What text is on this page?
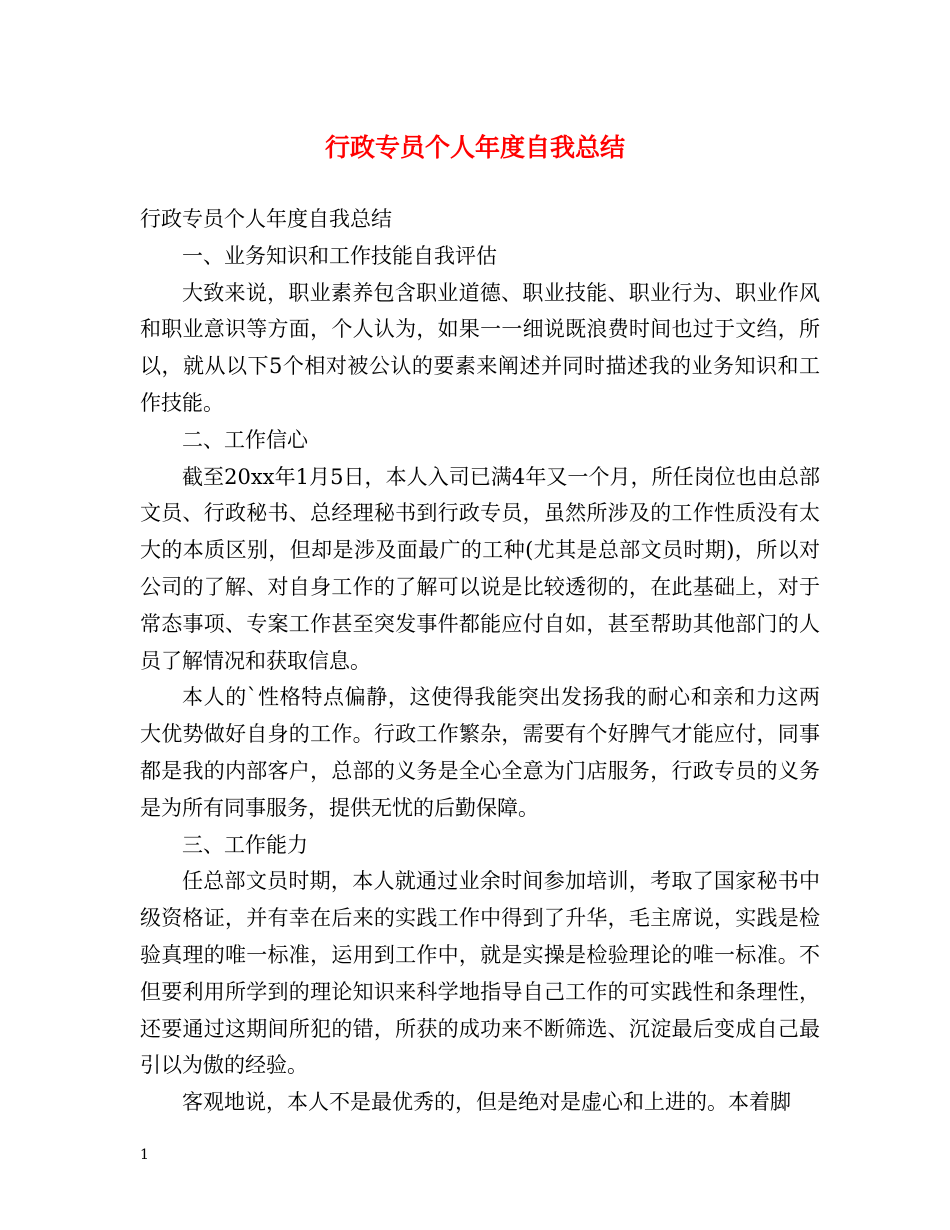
行政专员个人年度自我总结

行政专员个人年度自我总结

一、业务知识和工作技能自我评估

大致来说，职业素养包含职业道德、职业技能、职业行为、职业作风和职业意识等方面，个人认为，如果一一细说既浪费时间也过于文绉，所以，就从以下5个相对被公认的要素来阐述并同时描述我的业务知识和工作技能。

二、工作信心

截至20xx年1月5日，本人入司已满4年又一个月，所任岗位也由总部文员、行政秘书、总经理秘书到行政专员，虽然所涉及的工作性质没有太大的本质区别，但却是涉及面最广的工种(尤其是总部文员时期)，所以对公司的了解、对自身工作的了解可以说是比较透彻的，在此基础上，对于常态事项、专案工作甚至突发事件都能应付自如，甚至帮助其他部门的人员了解情况和获取信息。

本人的`性格特点偏静，这使得我能突出发扬我的耐心和亲和力这两大优势做好自身的工作。行政工作繁杂，需要有个好脾气才能应付，同事都是我的内部客户，总部的义务是全心全意为门店服务，行政专员的义务是为所有同事服务，提供无忧的后勤保障。

三、工作能力

任总部文员时期，本人就通过业余时间参加培训，考取了国家秘书中级资格证，并有幸在后来的实践工作中得到了升华，毛主席说，实践是检验真理的唯一标准，运用到工作中，就是实操是检验理论的唯一标准。不但要利用所学到的理论知识来科学地指导自己工作的可实践性和条理性，还要通过这期间所犯的错，所获的成功来不断筛选、沉淀最后变成自己最引以为傲的经验。

客观地说，本人不是最优秀的，但是绝对是虚心和上进的。本着脚

1
